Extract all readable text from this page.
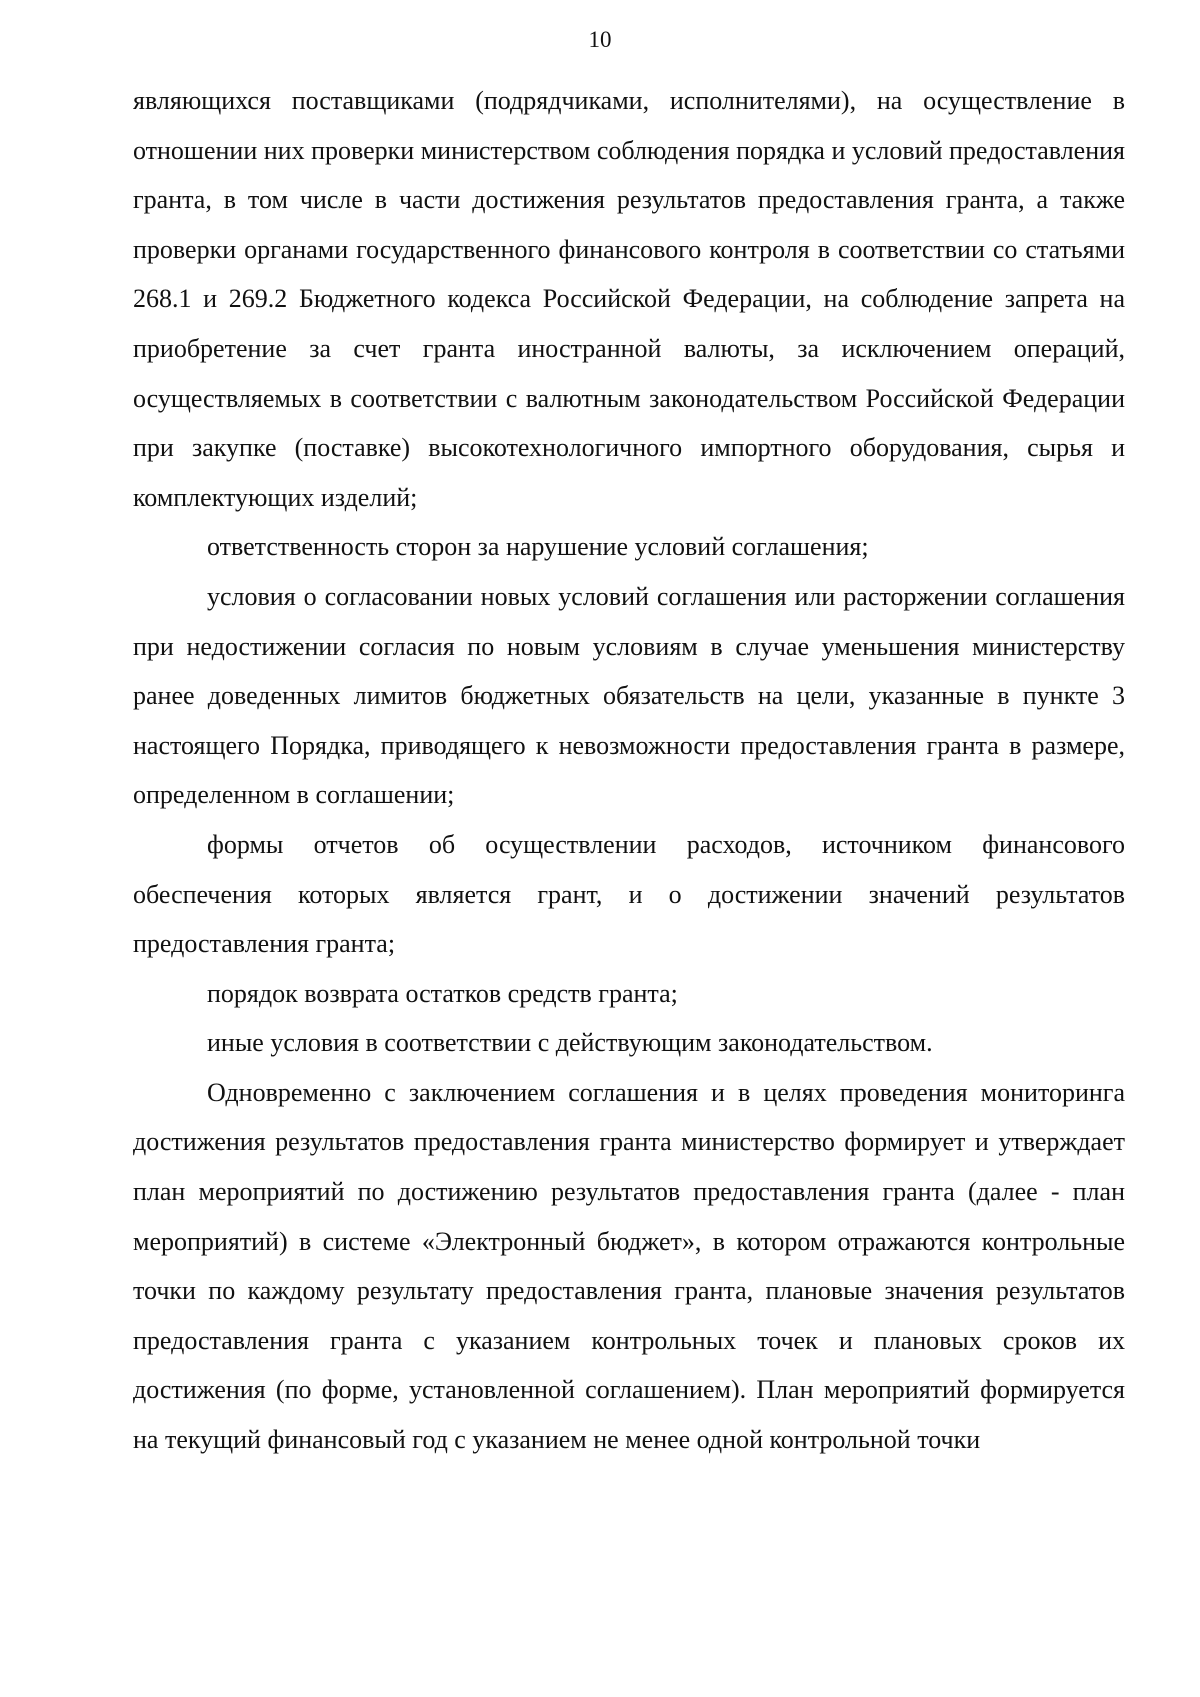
10

являющихся поставщиками (подрядчиками, исполнителями), на осуществление в отношении них проверки министерством соблюдения порядка и условий предоставления гранта, в том числе в части достижения результатов предоставления гранта, а также проверки органами государственного финансового контроля в соответствии со статьями 268.1 и 269.2 Бюджетного кодекса Российской Федерации, на соблюдение запрета на приобретение за счет гранта иностранной валюты, за исключением операций, осуществляемых в соответствии с валютным законодательством Российской Федерации при закупке (поставке) высокотехнологичного импортного оборудования, сырья и комплектующих изделий;

ответственность сторон за нарушение условий соглашения;

условия о согласовании новых условий соглашения или расторжении соглашения при недостижении согласия по новым условиям в случае уменьшения министерству ранее доведенных лимитов бюджетных обязательств на цели, указанные в пункте 3 настоящего Порядка, приводящего к невозможности предоставления гранта в размере, определенном в соглашении;

формы отчетов об осуществлении расходов, источником финансового обеспечения которых является грант, и о достижении значений результатов предоставления гранта;

порядок возврата остатков средств гранта;

иные условия в соответствии с действующим законодательством.

Одновременно с заключением соглашения и в целях проведения мониторинга достижения результатов предоставления гранта министерство формирует и утверждает план мероприятий по достижению результатов предоставления гранта (далее - план мероприятий) в системе «Электронный бюджет», в котором отражаются контрольные точки по каждому результату предоставления гранта, плановые значения результатов предоставления гранта с указанием контрольных точек и плановых сроков их достижения (по форме, установленной соглашением). План мероприятий формируется на текущий финансовый год с указанием не менее одной контрольной точки
